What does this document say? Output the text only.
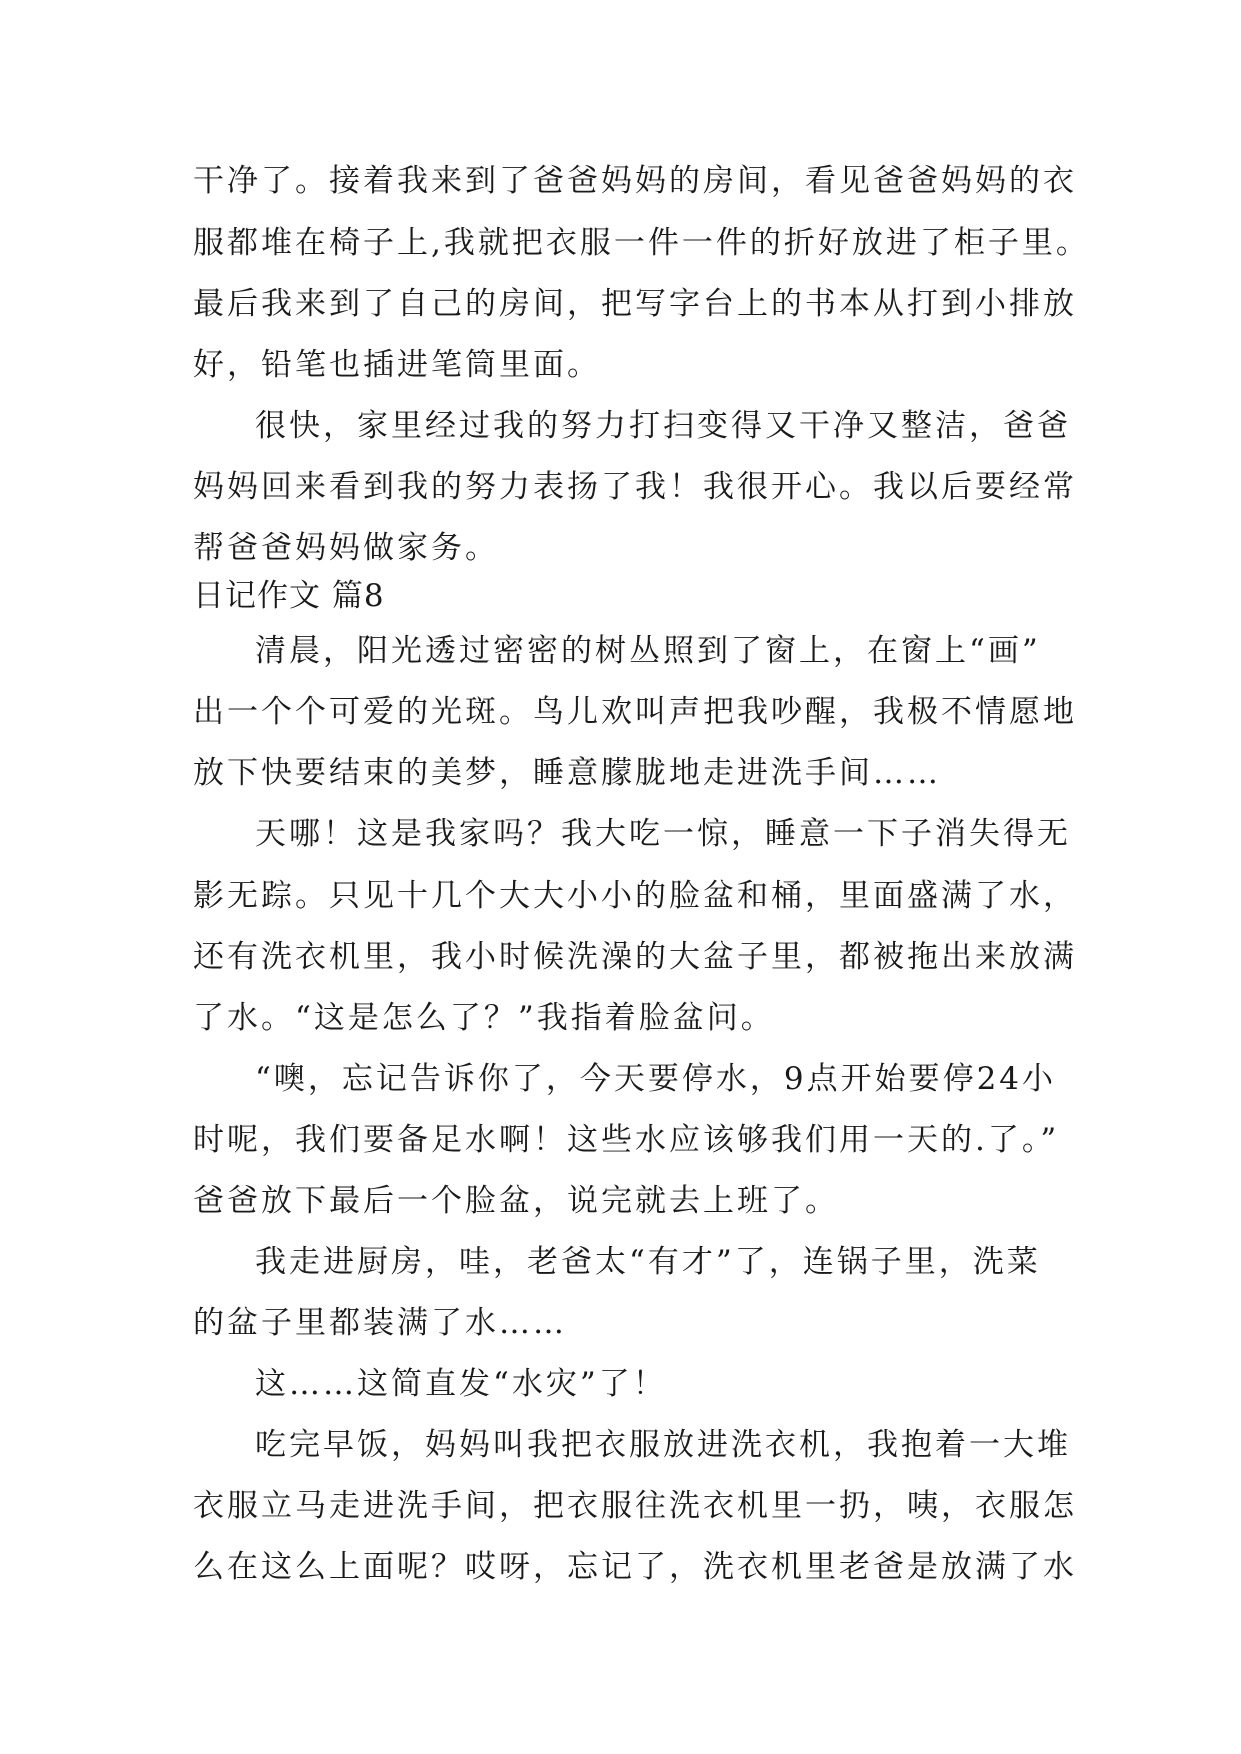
干净了。接着我来到了爸爸妈妈的房间，看见爸爸妈妈的衣
服都堆在椅子上,我就把衣服一件一件的折好放进了柜子里。
最后我来到了自己的房间，把写字台上的书本从打到小排放
好，铅笔也插进笔筒里面。
很快，家里经过我的努力打扫变得又干净又整洁，爸爸
妈妈回来看到我的努力表扬了我！我很开心。我以后要经常
帮爸爸妈妈做家务。
日记作文 篇8
清晨，阳光透过密密的树丛照到了窗上，在窗上“画”
出一个个可爱的光斑。鸟儿欢叫声把我吵醒，我极不情愿地
放下快要结束的美梦，睡意朦胧地走进洗手间……
天哪！这是我家吗？我大吃一惊，睡意一下子消失得无
影无踪。只见十几个大大小小的脸盆和桶，里面盛满了水，
还有洗衣机里，我小时候洗澡的大盆子里，都被拖出来放满
了水。“这是怎么了？”我指着脸盆问。
“噢，忘记告诉你了，今天要停水，9点开始要停24小
时呢，我们要备足水啊！这些水应该够我们用一天的.了。”
爸爸放下最后一个脸盆，说完就去上班了。
我走进厨房，哇，老爸太“有才”了，连锅子里，洗菜
的盆子里都装满了水……
这……这简直发“水灾”了！
吃完早饭，妈妈叫我把衣服放进洗衣机，我抱着一大堆
衣服立马走进洗手间，把衣服往洗衣机里一扔，咦，衣服怎
么在这么上面呢？哎呀，忘记了，洗衣机里老爸是放满了水
